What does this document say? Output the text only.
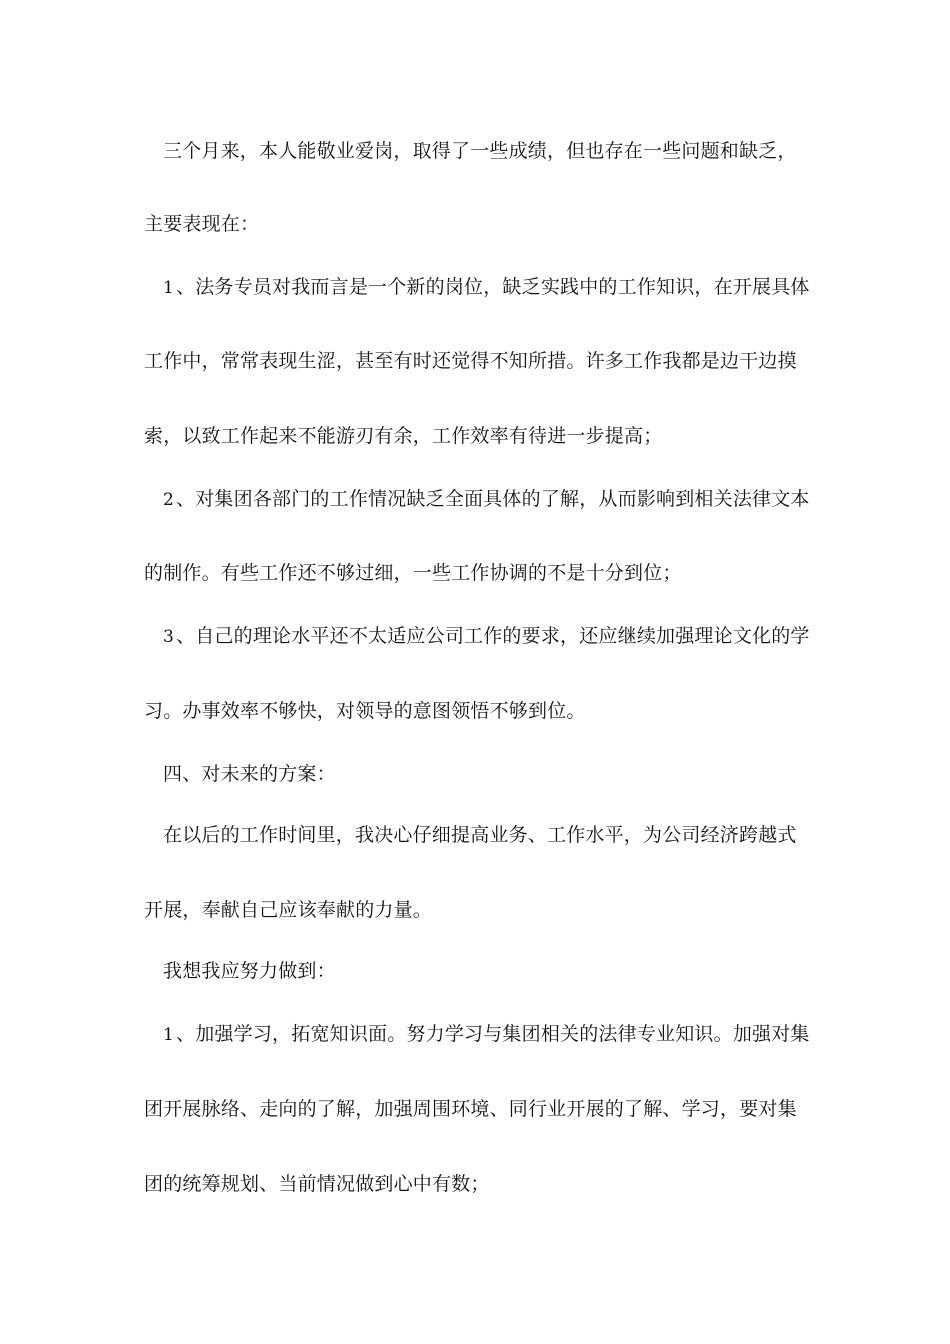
三个月来，本人能敬业爱岗，取得了一些成绩，但也存在一些问题和缺乏，
主要表现在：
1 、法务专员对我而言是一个新的岗位，缺乏实践中的工作知识，在开展具体
工作中，常常表现生涩，甚至有时还觉得不知所措。许多工作我都是边干边摸
索，以致工作起来不能游刃有余，工作效率有待进一步提高；
2 、对集团各部门的工作情况缺乏全面具体的了解，从而影响到相关法律文本
的制作。有些工作还不够过细，一些工作协调的不是十分到位；
3 、自己的理论水平还不太适应公司工作的要求，还应继续加强理论文化的学
习。办事效率不够快，对领导的意图领悟不够到位。
四、对未来的方案：
在以后的工作时间里，我决心仔细提高业务、工作水平，为公司经济跨越式
开展，奉献自己应该奉献的力量。
我想我应努力做到：
1 、加强学习，拓宽知识面。努力学习与集团相关的法律专业知识。加强对集
团开展脉络、走向的了解，加强周围环境、同行业开展的了解、学习，要对集
团的统筹规划、当前情况做到心中有数；
